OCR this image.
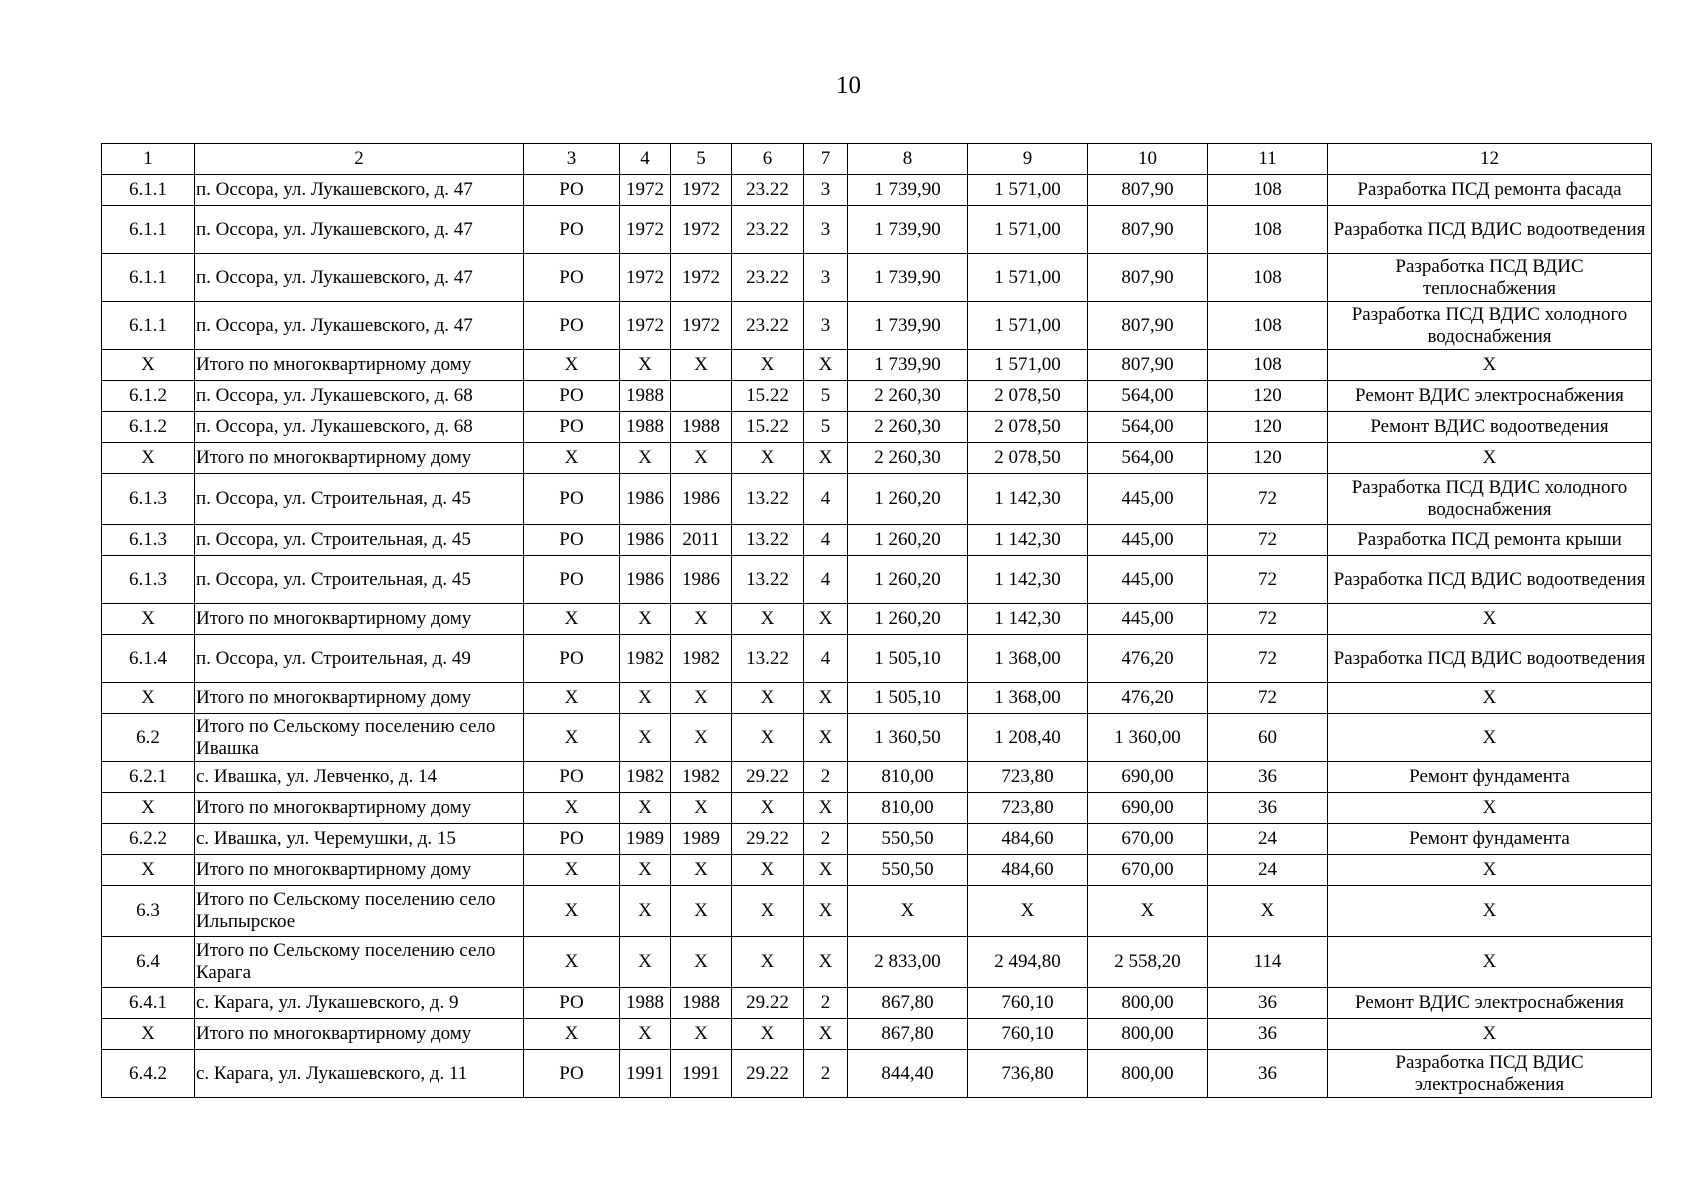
10
1	2	3	4	5	6	7	8	9	10	11	12
6.1.1	п. Оссора, ул. Лукашевского, д. 47	РО	1972	1972	23.22	3	1 739,90	1 571,00	807,90	108	Разработка ПСД ремонта фасада
6.1.1	п. Оссора, ул. Лукашевского, д. 47	РО	1972	1972	23.22	3	1 739,90	1 571,00	807,90	108	Разработка ПСД ВДИС водоотведения
6.1.1	п. Оссора, ул. Лукашевского, д. 47	РО	1972	1972	23.22	3	1 739,90	1 571,00	807,90	108	Разработка ПСД ВДИС теплоснабжения
6.1.1	п. Оссора, ул. Лукашевского, д. 47	РО	1972	1972	23.22	3	1 739,90	1 571,00	807,90	108	Разработка ПСД ВДИС холодного водоснабжения
X	Итого по многоквартирному дому	X	X	X	X	X	1 739,90	1 571,00	807,90	108	X
6.1.2	п. Оссора, ул. Лукашевского, д. 68	РО	1988		15.22	5	2 260,30	2 078,50	564,00	120	Ремонт ВДИС электроснабжения
6.1.2	п. Оссора, ул. Лукашевского, д. 68	РО	1988	1988	15.22	5	2 260,30	2 078,50	564,00	120	Ремонт ВДИС водоотведения
X	Итого по многоквартирному дому	X	X	X	X	X	2 260,30	2 078,50	564,00	120	X
6.1.3	п. Оссора, ул. Строительная, д. 45	РО	1986	1986	13.22	4	1 260,20	1 142,30	445,00	72	Разработка ПСД ВДИС холодного водоснабжения
6.1.3	п. Оссора, ул. Строительная, д. 45	РО	1986	2011	13.22	4	1 260,20	1 142,30	445,00	72	Разработка ПСД ремонта крыши
6.1.3	п. Оссора, ул. Строительная, д. 45	РО	1986	1986	13.22	4	1 260,20	1 142,30	445,00	72	Разработка ПСД ВДИС водоотведения
X	Итого по многоквартирному дому	X	X	X	X	X	1 260,20	1 142,30	445,00	72	X
6.1.4	п. Оссора, ул. Строительная, д. 49	РО	1982	1982	13.22	4	1 505,10	1 368,00	476,20	72	Разработка ПСД ВДИС водоотведения
X	Итого по многоквартирному дому	X	X	X	X	X	1 505,10	1 368,00	476,20	72	X
6.2	Итого по Сельскому поселению село Ивашка	X	X	X	X	X	1 360,50	1 208,40	1 360,00	60	X
6.2.1	с. Ивашка, ул. Левченко, д. 14	РО	1982	1982	29.22	2	810,00	723,80	690,00	36	Ремонт фундамента
X	Итого по многоквартирному дому	X	X	X	X	X	810,00	723,80	690,00	36	X
6.2.2	с. Ивашка, ул. Черемушки, д. 15	РО	1989	1989	29.22	2	550,50	484,60	670,00	24	Ремонт фундамента
X	Итого по многоквартирному дому	X	X	X	X	X	550,50	484,60	670,00	24	X
6.3	Итого по Сельскому поселению село Ильпырское	X	X	X	X	X	X	X	X	X	X
6.4	Итого по Сельскому поселению село Карага	X	X	X	X	X	2 833,00	2 494,80	2 558,20	114	X
6.4.1	с. Карага, ул. Лукашевского, д. 9	РО	1988	1988	29.22	2	867,80	760,10	800,00	36	Ремонт ВДИС электроснабжения
X	Итого по многоквартирному дому	X	X	X	X	X	867,80	760,10	800,00	36	X
6.4.2	с. Карага, ул. Лукашевского, д. 11	РО	1991	1991	29.22	2	844,40	736,80	800,00	36	Разработка ПСД ВДИС электроснабжения
